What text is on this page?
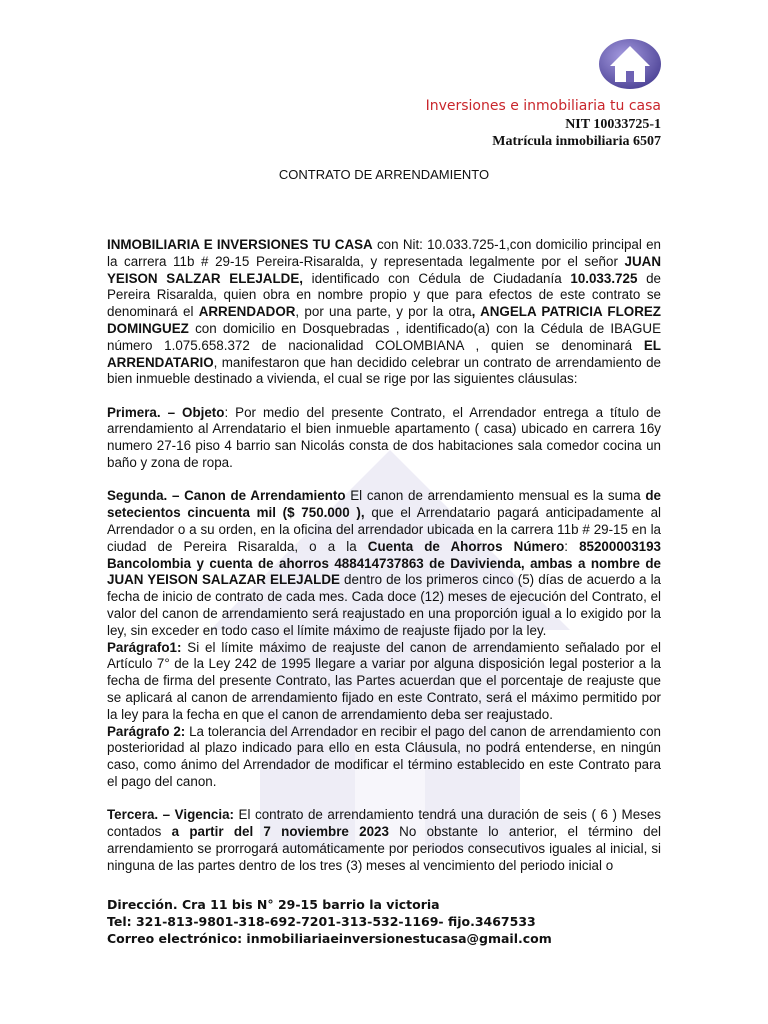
Inversiones e inmobiliaria tu casa
NIT 10033725-1
Matrícula inmobiliaria 6507
CONTRATO DE ARRENDAMIENTO

INMOBILIARIA E INVERSIONES TU CASA con Nit: 10.033.725-1,con domicilio principal en la carrera 11b # 29-15 Pereira-Risaralda, y representada legalmente por el señor JUAN YEISON SALZAR ELEJALDE, identificado con Cédula de Ciudadanía 10.033.725 de Pereira Risaralda, quien obra en nombre propio y que para efectos de este contrato se denominará el ARRENDADOR, por una parte, y por la otra, ANGELA PATRICIA FLOREZ DOMINGUEZ con domicilio en Dosquebradas , identificado(a) con la Cédula de IBAGUE número 1.075.658.372 de nacionalidad COLOMBIANA , quien se denominará EL ARRENDATARIO, manifestaron que han decidido celebrar un contrato de arrendamiento de bien inmueble destinado a vivienda, el cual se rige por las siguientes cláusulas:

Primera. – Objeto: Por medio del presente Contrato, el Arrendador entrega a título de arrendamiento al Arrendatario el bien inmueble apartamento ( casa) ubicado en carrera 16y numero 27-16 piso 4 barrio san Nicolás consta de dos habitaciones sala comedor cocina un baño y zona de ropa.

Segunda. – Canon de Arrendamiento El canon de arrendamiento mensual es la suma de setecientos cincuenta mil ($ 750.000 ), que el Arrendatario pagará anticipadamente al Arrendador o a su orden, en la oficina del arrendador ubicada en la carrera 11b # 29-15 en la ciudad de Pereira Risaralda, o a la Cuenta de Ahorros Número: 85200003193 Bancolombia y cuenta de ahorros 488414737863 de Davivienda, ambas a nombre de JUAN YEISON SALAZAR ELEJALDE dentro de los primeros cinco (5) días de acuerdo a la fecha de inicio de contrato de cada mes. Cada doce (12) meses de ejecución del Contrato, el valor del canon de arrendamiento será reajustado en una proporción igual a lo exigido por la ley, sin exceder en todo caso el límite máximo de reajuste fijado por la ley.

Parágrafo1: Si el límite máximo de reajuste del canon de arrendamiento señalado por el Artículo 7° de la Ley 242 de 1995 llegare a variar por alguna disposición legal posterior a la fecha de firma del presente Contrato, las Partes acuerdan que el porcentaje de reajuste que se aplicará al canon de arrendamiento fijado en este Contrato, será el máximo permitido por la ley para la fecha en que el canon de arrendamiento deba ser reajustado.

Parágrafo 2: La tolerancia del Arrendador en recibir el pago del canon de arrendamiento con posterioridad al plazo indicado para ello en esta Cláusula, no podrá entenderse, en ningún caso, como ánimo del Arrendador de modificar el término establecido en este Contrato para el pago del canon.

Tercera. – Vigencia: El contrato de arrendamiento tendrá una duración de seis ( 6 ) Meses contados a partir del 7 noviembre 2023 No obstante lo anterior, el término del arrendamiento se prorrogará automáticamente por periodos consecutivos iguales al inicial, si ninguna de las partes dentro de los tres (3) meses al vencimiento del periodo inicial o

Dirección. Cra 11 bis N° 29-15 barrio la victoria
Tel: 321-813-9801-318-692-7201-313-532-1169- fijo.3467533
Correo electrónico: inmobiliariaeinversionestucasa@gmail.com
